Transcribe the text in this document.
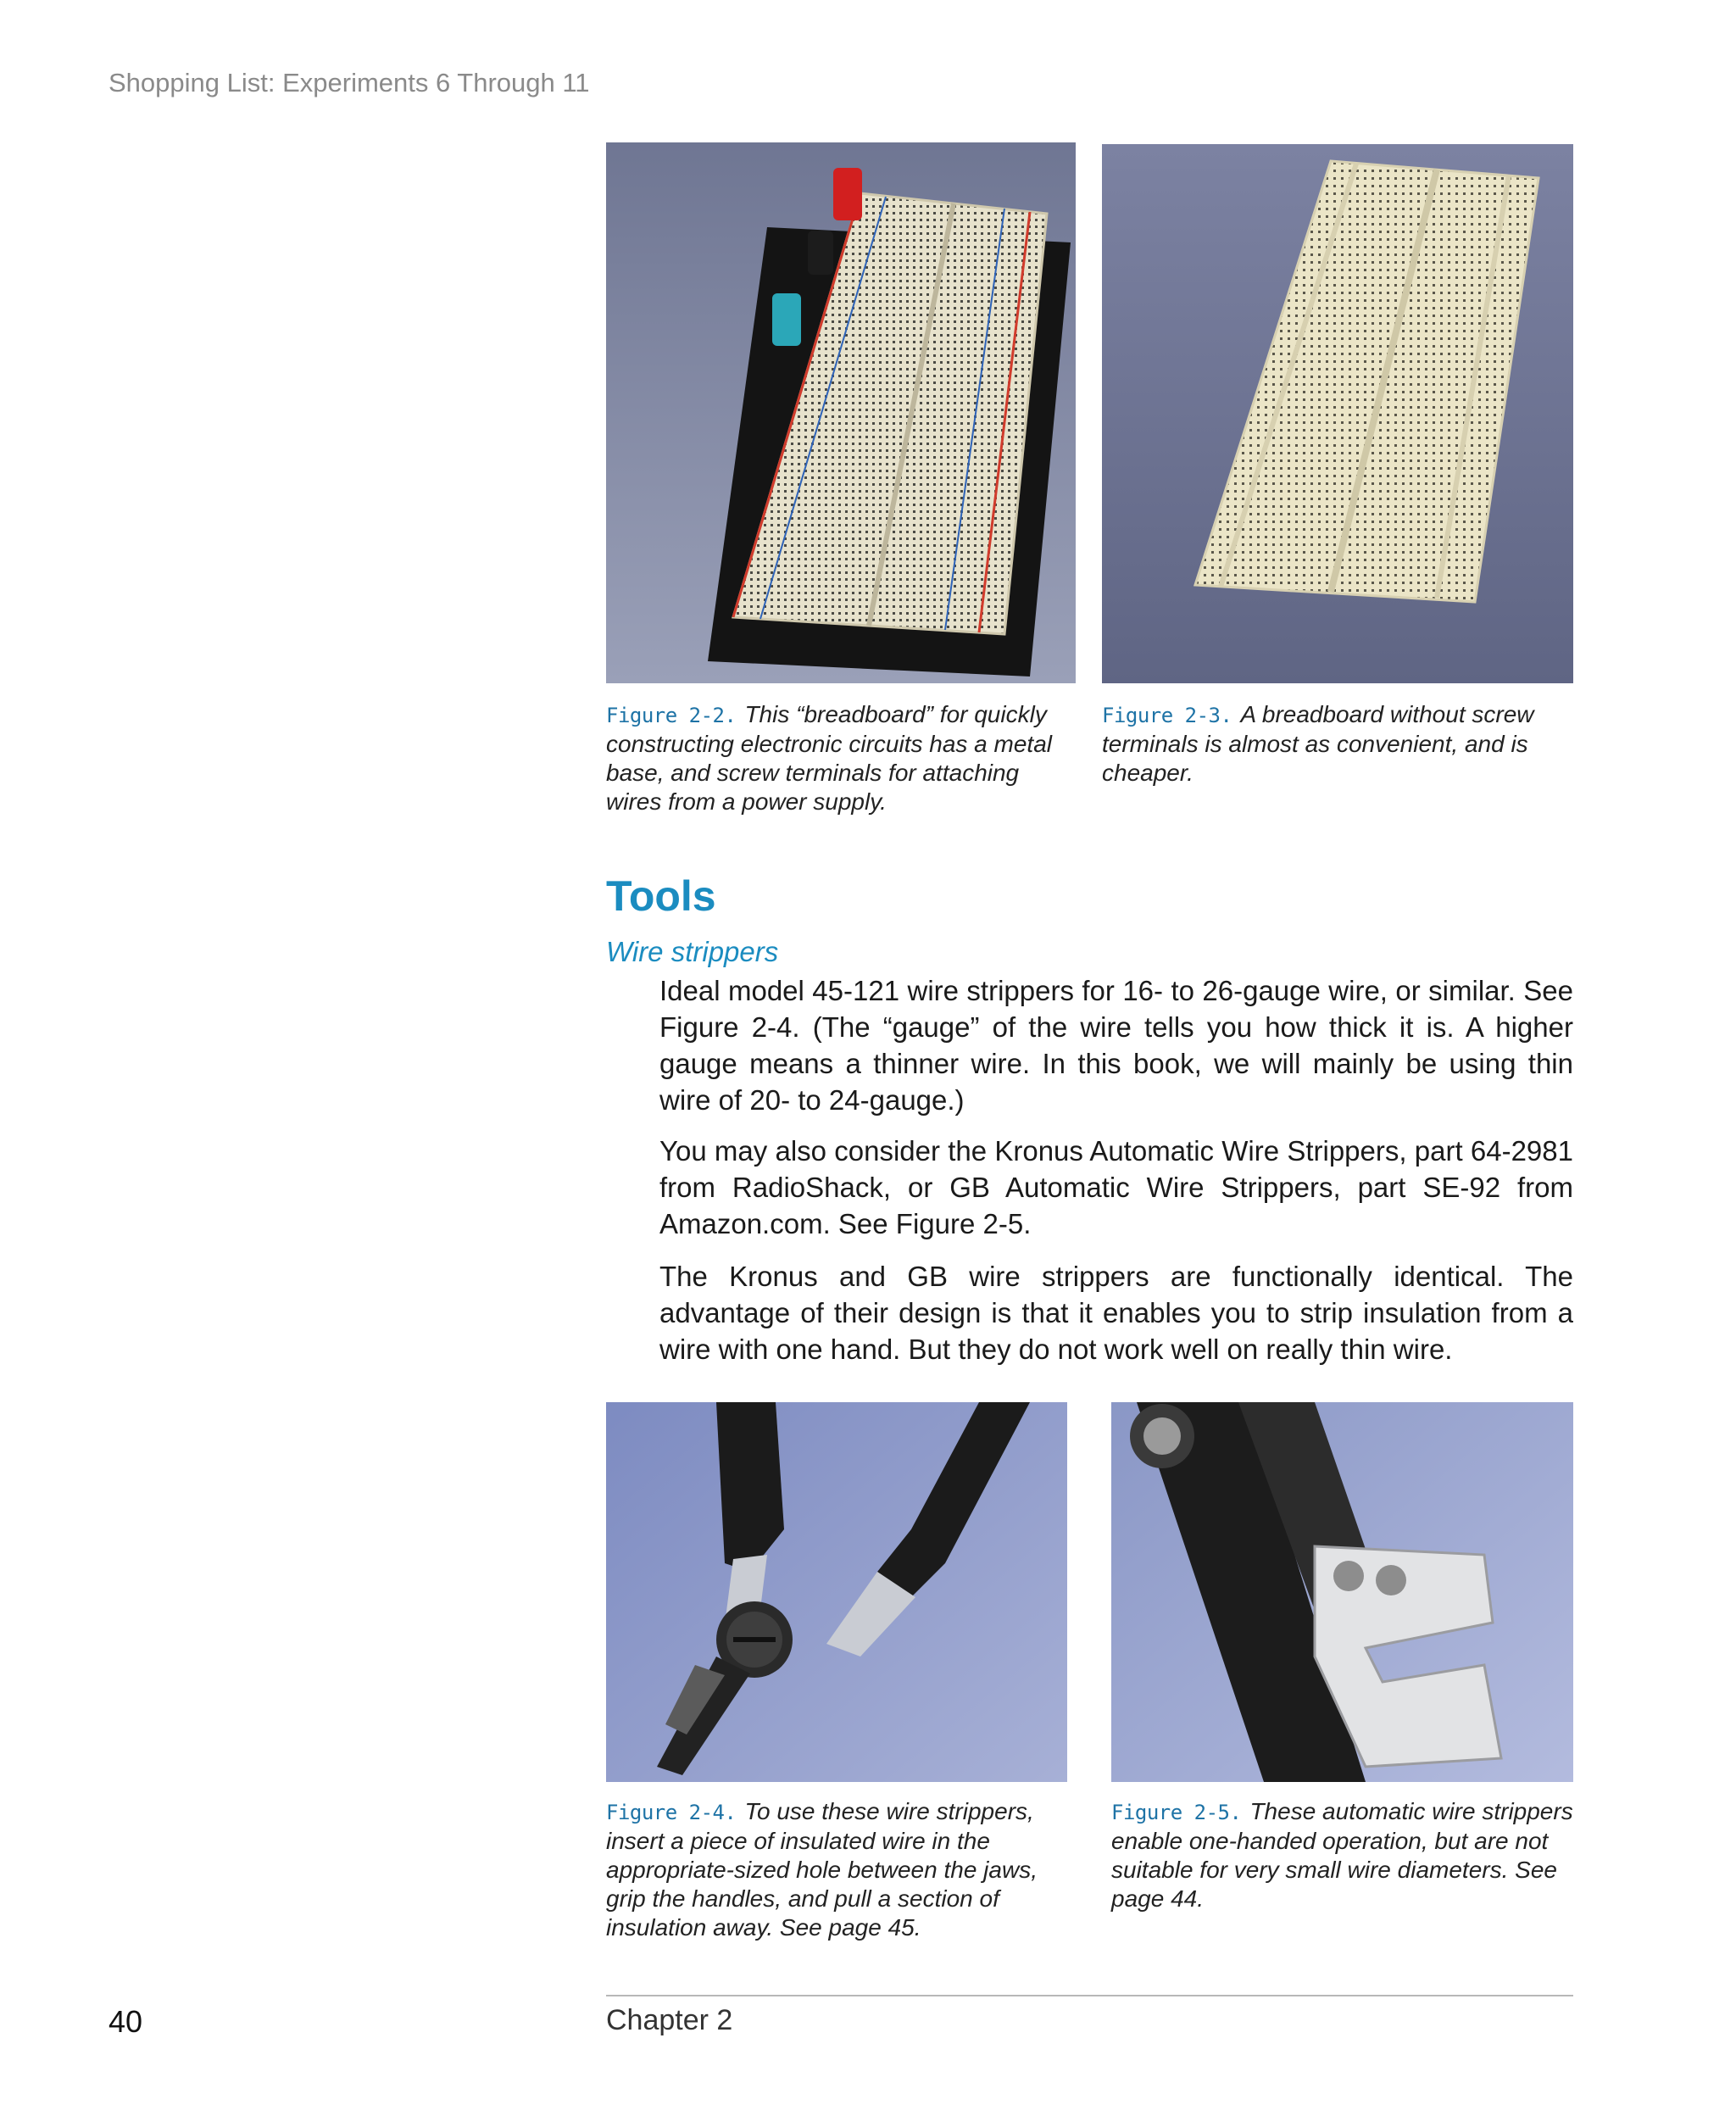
Shopping List: Experiments 6 Through 11
Figure 2-2. This “breadboard” for quickly constructing electronic circuits has a metal base, and screw terminals for attaching wires from a power supply.
Figure 2-3. A breadboard without screw terminals is almost as convenient, and is cheaper.
Tools
Wire strippers

Ideal model 45-121 wire strippers for 16- to 26-gauge wire, or similar. See Figure 2-4. (The “gauge” of the wire tells you how thick it is. A higher gauge means a thinner wire. In this book, we will mainly be using thin wire of 20- to 24-gauge.)

You may also consider the Kronus Automatic Wire Strippers, part 64-2981 from RadioShack, or GB Automatic Wire Strippers, part SE-92 from Amazon.com. See Figure 2-5.

The Kronus and GB wire strippers are functionally identical. The advantage of their design is that it enables you to strip insulation from a wire with one hand. But they do not work well on really thin wire.

Figure 2-4. To use these wire strippers, insert a piece of insulated wire in the appropriate-sized hole between the jaws, grip the handles, and pull a section of insulation away. See page 45.
Figure 2-5. These automatic wire strippers enable one-handed operation, but are not suitable for very small wire diameters. See page 44.
40	Chapter 2
